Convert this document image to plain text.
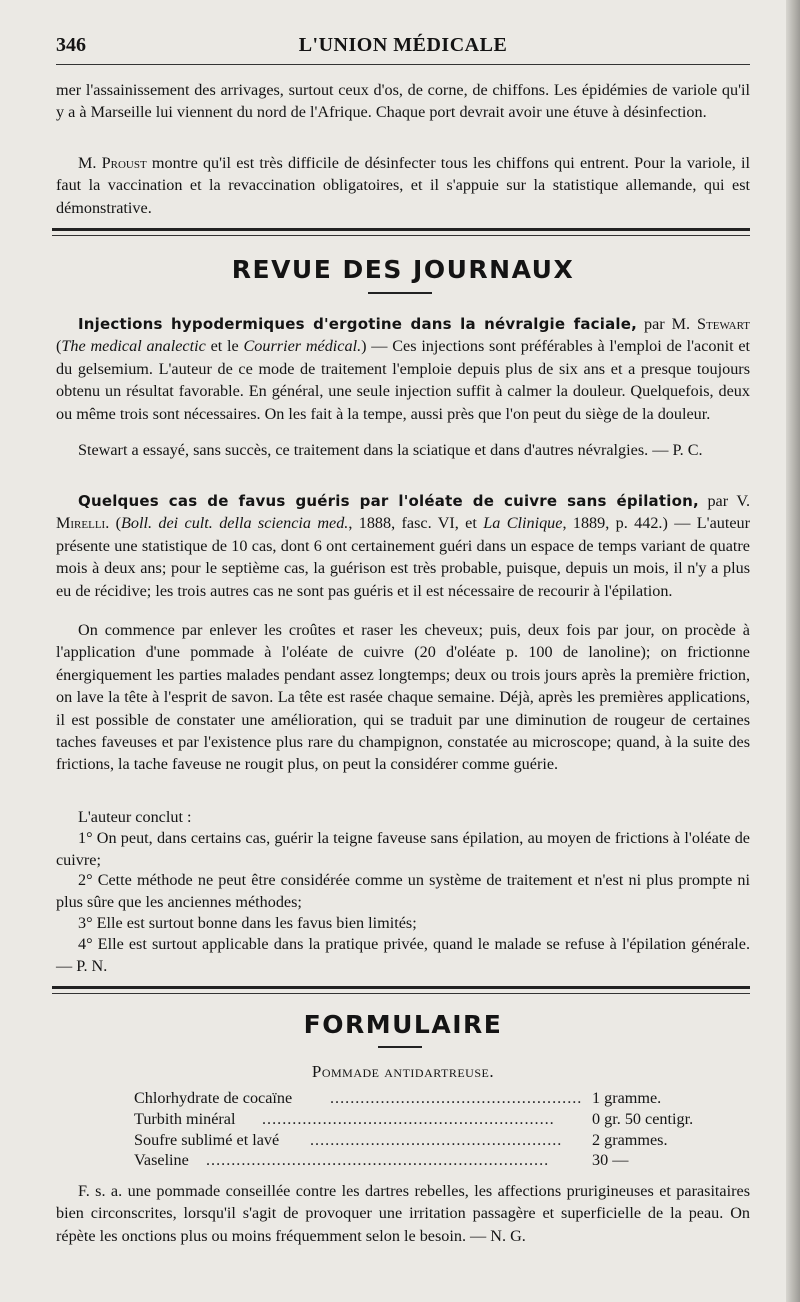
346	L'UNION MÉDICALE

mer l'assainissement des arrivages, surtout ceux d'os, de corne, de chiffons. Les épidémies de variole qu'il y a à Marseille lui viennent du nord de l'Afrique. Chaque port devrait avoir une étuve à désinfection.

M. Proust montre qu'il est très difficile de désinfecter tous les chiffons qui entrent. Pour la variole, il faut la vaccination et la revaccination obligatoires, et il s'appuie sur la statistique allemande, qui est démonstrative.

REVUE DES JOURNAUX

Injections hypodermiques d'ergotine dans la névralgie faciale, par M. Stewart (The medical analectic et le Courrier médical.) — Ces injections sont préférables à l'emploi de l'aconit et du gelsemium. L'auteur de ce mode de traitement l'emploie depuis plus de six ans et a presque toujours obtenu un résultat favorable. En général, une seule injection suffit à calmer la douleur. Quelquefois, deux ou même trois sont nécessaires. On les fait à la tempe, aussi près que l'on peut du siège de la douleur.

Stewart a essayé, sans succès, ce traitement dans la sciatique et dans d'autres névralgies. — P. C.

Quelques cas de favus guéris par l'oléate de cuivre sans épilation, par V. Mirelli. (Boll. dei cult. della sciencia med., 1888, fasc. VI, et La Clinique, 1889, p. 442.) — L'auteur présente une statistique de 10 cas, dont 6 ont certainement guéri dans un espace de temps variant de quatre mois à deux ans; pour le septième cas, la guérison est très probable, puisque, depuis un mois, il n'y a plus eu de récidive; les trois autres cas ne sont pas guéris et il est nécessaire de recourir à l'épilation.

On commence par enlever les croûtes et raser les cheveux; puis, deux fois par jour, on procède à l'application d'une pommade à l'oléate de cuivre (20 d'oléate p. 100 de lanoline); on frictionne énergiquement les parties malades pendant assez longtemps; deux ou trois jours après la première friction, on lave la tête à l'esprit de savon. La tête est rasée chaque semaine. Déjà, après les premières applications, il est possible de constater une amélioration, qui se traduit par une diminution de rougeur de certaines taches faveuses et par l'existence plus rare du champignon, constatée au microscope; quand, à la suite des frictions, la tache faveuse ne rougit plus, on peut la considérer comme guérie.

L'auteur conclut :

1° On peut, dans certains cas, guérir la teigne faveuse sans épilation, au moyen de frictions à l'oléate de cuivre;

2° Cette méthode ne peut être considérée comme un système de traitement et n'est ni plus prompte ni plus sûre que les anciennes méthodes;

3° Elle est surtout bonne dans les favus bien limités;

4° Elle est surtout applicable dans la pratique privée, quand le malade se refuse à l'épilation générale. — P. N.

FORMULAIRE
Pommade antidartreuse.
Chlorhydrate de cocaïne .................................................. 1 gramme.
Turbith minéral ..........................................................	0 gr. 50 centigr.
Soufre sublimé et lavé ..................................................	2 grammes.
Vaseline ....................................................................	30 —

F. s. a. une pommade conseillée contre les dartres rebelles, les affections prurigineuses et parasitaires bien circonscrites, lorsqu'il s'agit de provoquer une irritation passagère et superficielle de la peau. On répète les onctions plus ou moins fréquemment selon le besoin. — N. G.
